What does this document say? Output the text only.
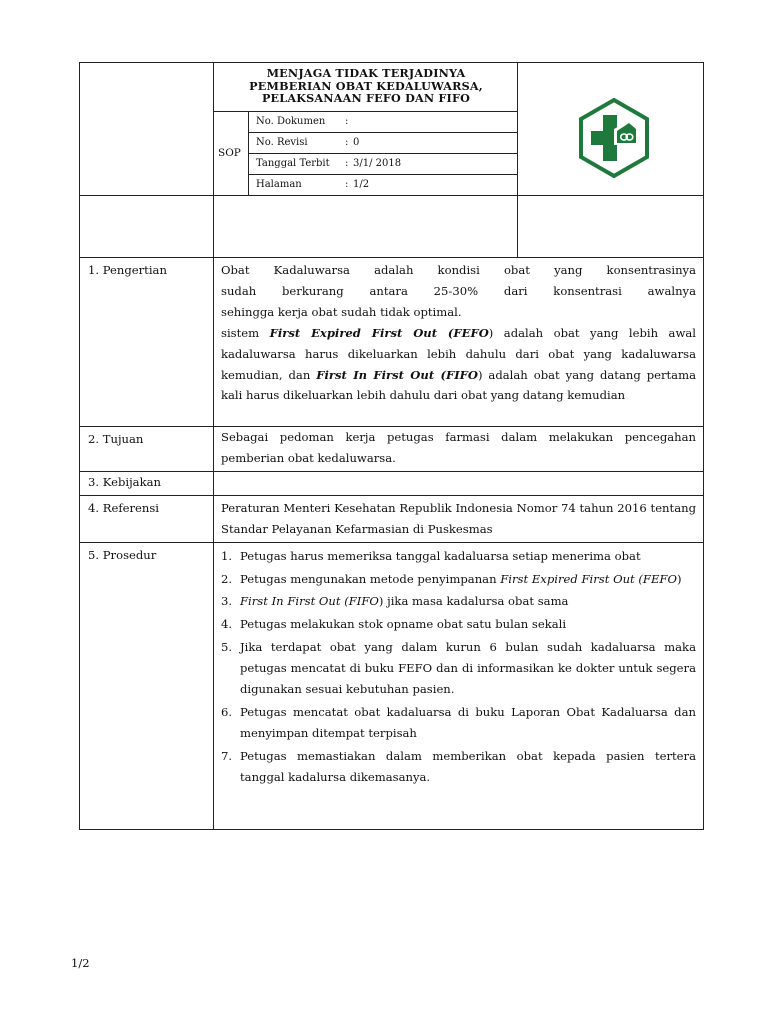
MENJAGA TIDAK TERJADINYA
PEMBERIAN OBAT KEDALUWARSA,
PELAKSANAAN FEFO DAN FIFO
SOP
No. Dokumen :
No. Revisi	: 0
Tanggal Terbit : 3/1/ 2018
Halaman	: 1/2
1. Pengertian	Obat Kadaluwarsa adalah kondisi obat yang konsentrasinya
sudah berkurang antara 25-30% dari konsentrasi awalnya
sehingga kerja obat sudah tidak optimal.
sistem First Expired First Out (FEFO) adalah obat yang lebih awal kadaluwarsa harus dikeluarkan lebih dahulu dari obat yang kadaluwarsa kemudian, dan First In First Out (FIFO) adalah obat yang datang pertama kali harus dikeluarkan lebih dahulu dari obat yang datang kemudian
2. Tujuan	Sebagai pedoman kerja petugas farmasi dalam melakukan pencegahan pemberian obat kedaluwarsa.
3. Kebijakan
4. Referensi	Peraturan Menteri Kesehatan Republik Indonesia Nomor 74 tahun 2016 tentang Standar Pelayanan Kefarmasian di Puskesmas
5. Prosedur	1. Petugas harus memeriksa tanggal kadaluarsa setiap menerima obat
2. Petugas mengunakan metode penyimpanan First Expired First Out (FEFO)
3. First In First Out (FIFO) jika masa kadalursa obat sama
4. Petugas melakukan stok opname obat satu bulan sekali
5. Jika terdapat obat yang dalam kurun 6 bulan sudah kadaluarsa maka petugas mencatat di buku FEFO dan di informasikan ke dokter untuk segera digunakan sesuai kebutuhan pasien.
6. Petugas mencatat obat kadaluarsa di buku Laporan Obat Kadaluarsa dan menyimpan ditempat terpisah
7. Petugas memastiakan dalam memberikan obat kepada pasien tertera tanggal kadalursa dikemasanya.
1/2
